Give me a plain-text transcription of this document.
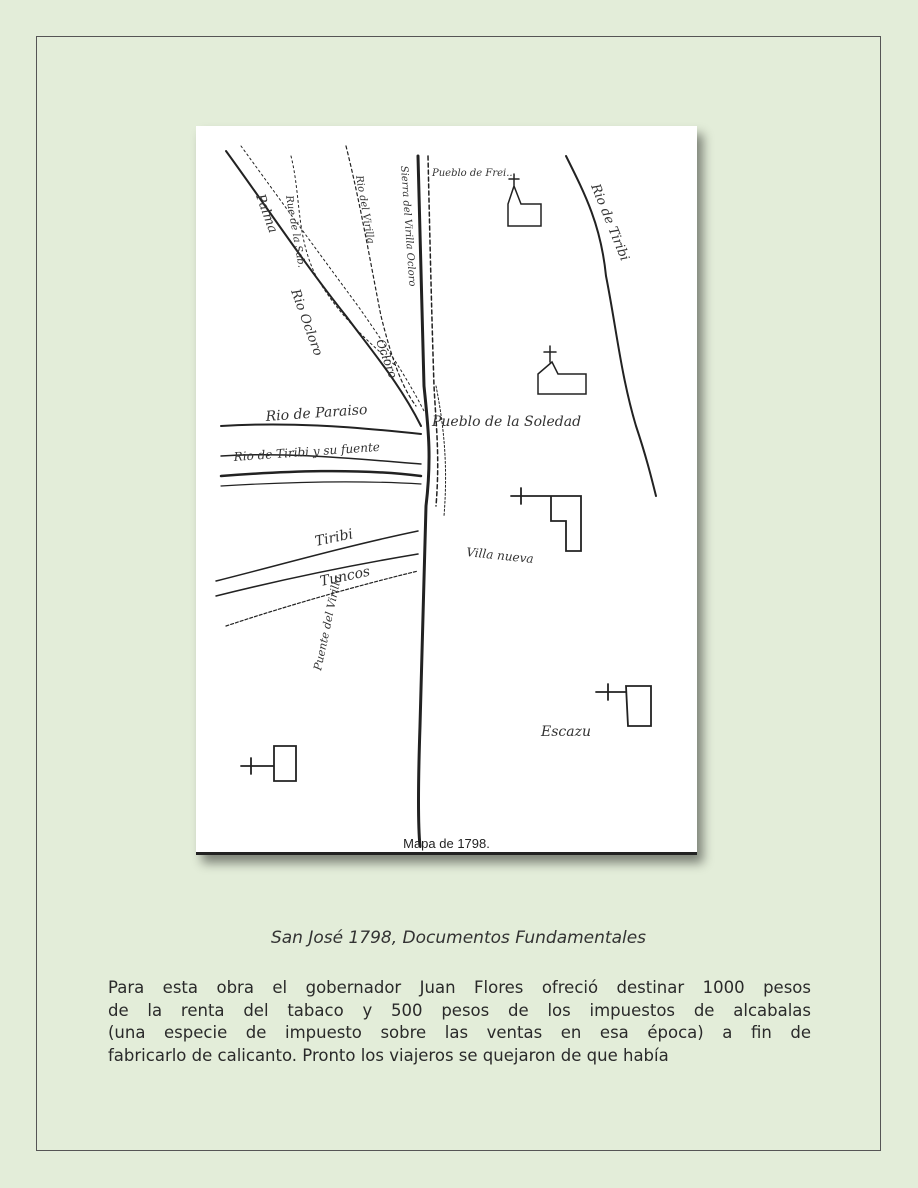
Palma Rue de la Sab.	Rio del Virilla Sierra del Virilla Ocloro Pueblo de Frei...
Rio de Tiribi
Rio Ocloro
Ocloro
Rio de Paraiso
Rio de Tiribi y su fuente
Pueblo de la Soledad
Tiribi
Tuncos
Puente del Virilla
Villa nueva
Escazu
Mapa de 1798.
San José 1798, Documentos Fundamentales

Para esta obra el gobernador Juan Flores ofreció destinar 1000 pesos
de la renta del tabaco y 500 pesos de los impuestos de alcabalas
(una especie de impuesto sobre las ventas en esa época) a fin de
fabricarlo de calicanto. Pronto los viajeros se quejaron de que había
